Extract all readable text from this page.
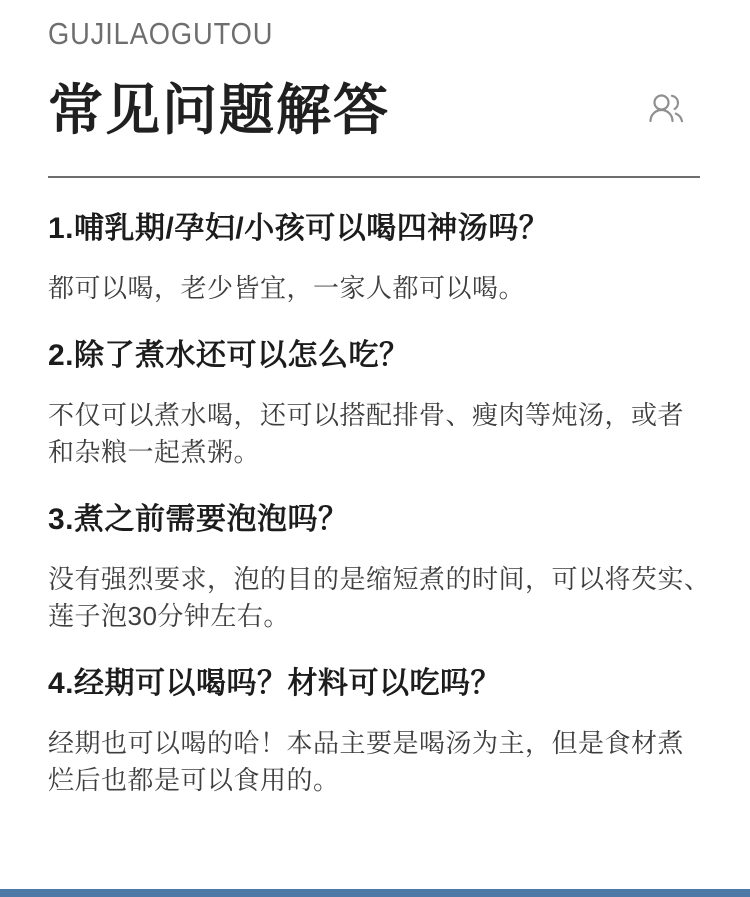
GUJILAOGUTOU
常见问题解答
1.哺乳期/孕妇/小孩可以喝四神汤吗？

都可以喝，老少皆宜，一家人都可以喝。

2.除了煮水还可以怎么吃？

不仅可以煮水喝，还可以搭配排骨、瘦肉等炖汤，或者
和杂粮一起煮粥。

3.煮之前需要泡泡吗？

没有强烈要求，泡的目的是缩短煮的时间，可以将芡实、
莲子泡30分钟左右。

4.经期可以喝吗？材料可以吃吗？

经期也可以喝的哈！本品主要是喝汤为主，但是食材煮
烂后也都是可以食用的。
